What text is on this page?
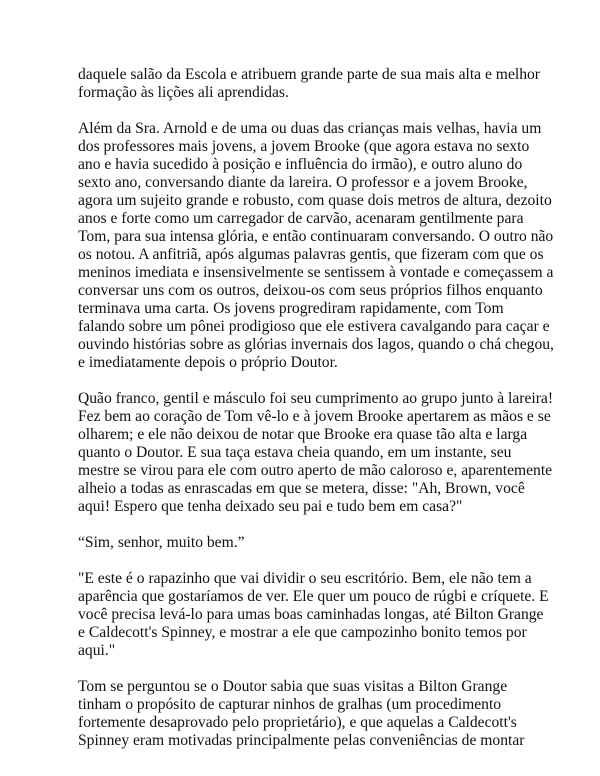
daquele salão da Escola e atribuem grande parte de sua mais alta e melhor
formação às lições ali aprendidas.

Além da Sra. Arnold e de uma ou duas das crianças mais velhas, havia um
dos professores mais jovens, a jovem Brooke (que agora estava no sexto
ano e havia sucedido à posição e influência do irmão), e outro aluno do
sexto ano, conversando diante da lareira. O professor e a jovem Brooke,
agora um sujeito grande e robusto, com quase dois metros de altura, dezoito
anos e forte como um carregador de carvão, acenaram gentilmente para
Tom, para sua intensa glória, e então continuaram conversando. O outro não
os notou. A anfitriã, após algumas palavras gentis, que fizeram com que os
meninos imediata e insensivelmente se sentissem à vontade e começassem a
conversar uns com os outros, deixou-os com seus próprios filhos enquanto
terminava uma carta. Os jovens progrediram rapidamente, com Tom
falando sobre um pônei prodigioso que ele estivera cavalgando para caçar e
ouvindo histórias sobre as glórias invernais dos lagos, quando o chá chegou,
e imediatamente depois o próprio Doutor.

Quão franco, gentil e másculo foi seu cumprimento ao grupo junto à lareira!
Fez bem ao coração de Tom vê-lo e à jovem Brooke apertarem as mãos e se
olharem; e ele não deixou de notar que Brooke era quase tão alta e larga
quanto o Doutor. E sua taça estava cheia quando, em um instante, seu
mestre se virou para ele com outro aperto de mão caloroso e, aparentemente
alheio a todas as enrascadas em que se metera, disse: "Ah, Brown, você
aqui! Espero que tenha deixado seu pai e tudo bem em casa?"

“Sim, senhor, muito bem.”

"E este é o rapazinho que vai dividir o seu escritório. Bem, ele não tem a
aparência que gostaríamos de ver. Ele quer um pouco de rúgbi e críquete. E
você precisa levá-lo para umas boas caminhadas longas, até Bilton Grange
e Caldecott's Spinney, e mostrar a ele que campozinho bonito temos por
aqui."

Tom se perguntou se o Doutor sabia que suas visitas a Bilton Grange
tinham o propósito de capturar ninhos de gralhas (um procedimento
fortemente desaprovado pelo proprietário), e que aquelas a Caldecott's
Spinney eram motivadas principalmente pelas conveniências de montar
